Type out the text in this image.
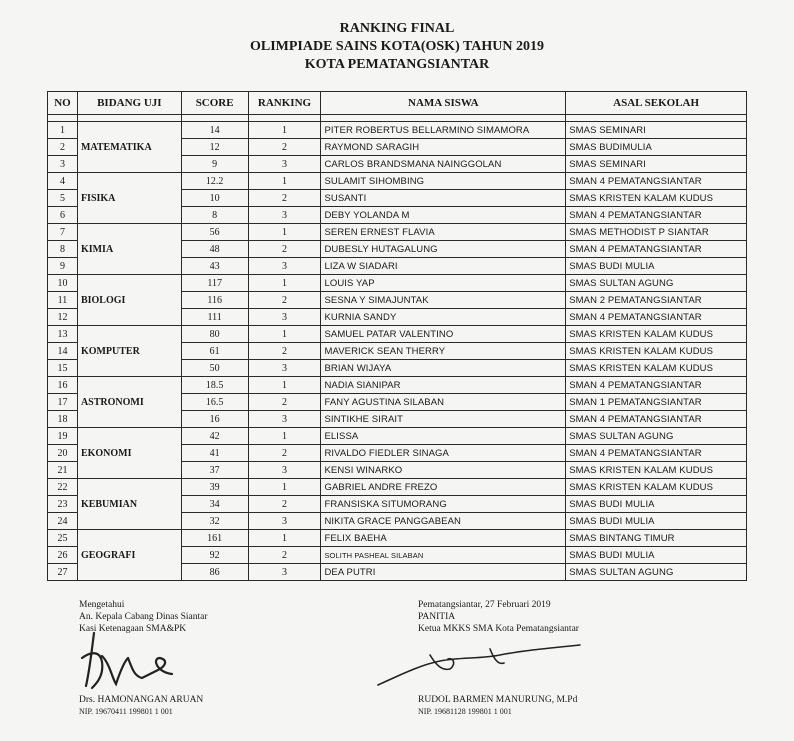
RANKING FINAL
OLIMPIADE SAINS KOTA(OSK) TAHUN 2019
KOTA PEMATANGSIANTAR
NO	BIDANG UJI	SCORE	RANKING	NAMA SISWA	ASAL SEKOLAH

1	MATEMATIKA	14	1	PITER ROBERTUS BELLARMINO SIMAMORA	SMAS SEMINARI
2		12	2	RAYMOND SARAGIH	SMAS BUDIMULIA
3		9	3	CARLOS BRANDSMANA NAINGGOLAN	SMAS SEMINARI
4	FISIKA	12.2	1	SULAMIT SIHOMBING	SMAN 4 PEMATANGSIANTAR
5		10	2	SUSANTI	SMAS KRISTEN KALAM KUDUS
6		8	3	DEBY YOLANDA M	SMAN 4 PEMATANGSIANTAR
7	KIMIA	56	1	SEREN ERNEST FLAVIA	SMAS METHODIST P SIANTAR
8		48	2	DUBESLY HUTAGALUNG	SMAN 4 PEMATANGSIANTAR
9		43	3	LIZA W SIADARI	SMAS BUDI MULIA
10	BIOLOGI	117	1	LOUIS YAP	SMAS SULTAN AGUNG
11		116	2	SESNA Y SIMAJUNTAK	SMAN 2 PEMATANGSIANTAR
12		111	3	KURNIA SANDY	SMAN 4 PEMATANGSIANTAR
13	KOMPUTER	80	1	SAMUEL PATAR VALENTINO	SMAS KRISTEN KALAM KUDUS
14		61	2	MAVERICK SEAN THERRY	SMAS KRISTEN KALAM KUDUS
15		50	3	BRIAN WIJAYA	SMAS KRISTEN KALAM KUDUS
16	ASTRONOMI	18.5	1	NADIA SIANIPAR	SMAN 4 PEMATANGSIANTAR
17		16.5	2	FANY AGUSTINA SILABAN	SMAN 1 PEMATANGSIANTAR
18		16	3	SINTIKHE SIRAIT	SMAN 4 PEMATANGSIANTAR
19	EKONOMI	42	1	ELISSA	SMAS SULTAN AGUNG
20		41	2	RIVALDO FIEDLER SINAGA	SMAN 4 PEMATANGSIANTAR
21		37	3	KENSI WINARKO	SMAS KRISTEN KALAM KUDUS
22	KEBUMIAN	39	1	GABRIEL ANDRE FREZO	SMAS KRISTEN KALAM KUDUS
23		34	2	FRANSISKA SITUMORANG	SMAS BUDI MULIA
24		32	3	NIKITA GRACE PANGGABEAN	SMAS BUDI MULIA
25	GEOGRAFI	161	1	FELIX BAEHA	SMAS BINTANG TIMUR
26		92	2	SOLITH PASHEAL SILABAN	SMAS BUDI MULIA
27		86	3	DEA PUTRI	SMAS SULTAN AGUNG
Mengetahui
An. Kepala Cabang Dinas Siantar
Kasi Ketenagaan SMA&PK
Drs. HAMONANGAN ARUAN
NIP. 19670411 199801 1 001
Pematangsiantar, 27 Februari 2019
PANITIA
Ketua MKKS SMA Kota Pematangsiantar
RUDOL BARMEN MANURUNG, M.Pd
NIP. 19681128 199801 1 001
